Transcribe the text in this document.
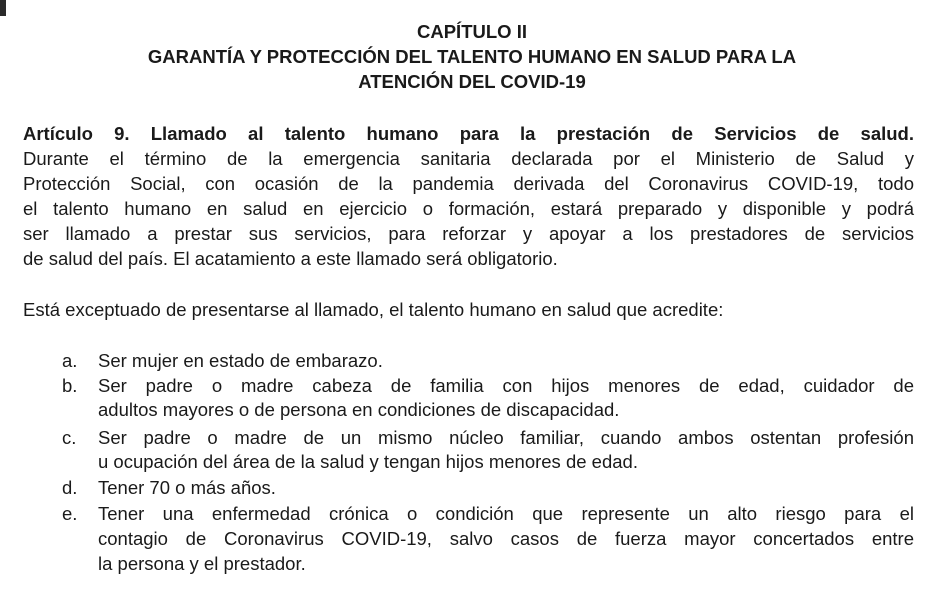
CAPÍTULO II
GARANTÍA Y PROTECCIÓN DEL TALENTO HUMANO EN SALUD PARA LA
ATENCIÓN DEL COVID-19
Artículo 9. Llamado al talento humano para la prestación de Servicios de salud.
Durante el término de la emergencia sanitaria declarada por el Ministerio de Salud y
Protección Social, con ocasión de la pandemia derivada del Coronavirus COVID-19, todo
el talento humano en salud en ejercicio o formación, estará preparado y disponible y podrá
ser llamado a prestar sus servicios, para reforzar y apoyar a los prestadores de servicios
de salud del país. El acatamiento a este llamado será obligatorio.
Está exceptuado de presentarse al llamado, el talento humano en salud que acredite:
a. Ser mujer en estado de embarazo.
b. Ser padre o madre cabeza de familia con hijos menores de edad, cuidador de
adultos mayores o de persona en condiciones de discapacidad.
c. Ser padre o madre de un mismo núcleo familiar, cuando ambos ostentan profesión
u ocupación del área de la salud y tengan hijos menores de edad.
d. Tener 70 o más años.
e. Tener una enfermedad crónica o condición que represente un alto riesgo para el
contagio de Coronavirus COVID-19, salvo casos de fuerza mayor concertados entre
la persona y el prestador.
